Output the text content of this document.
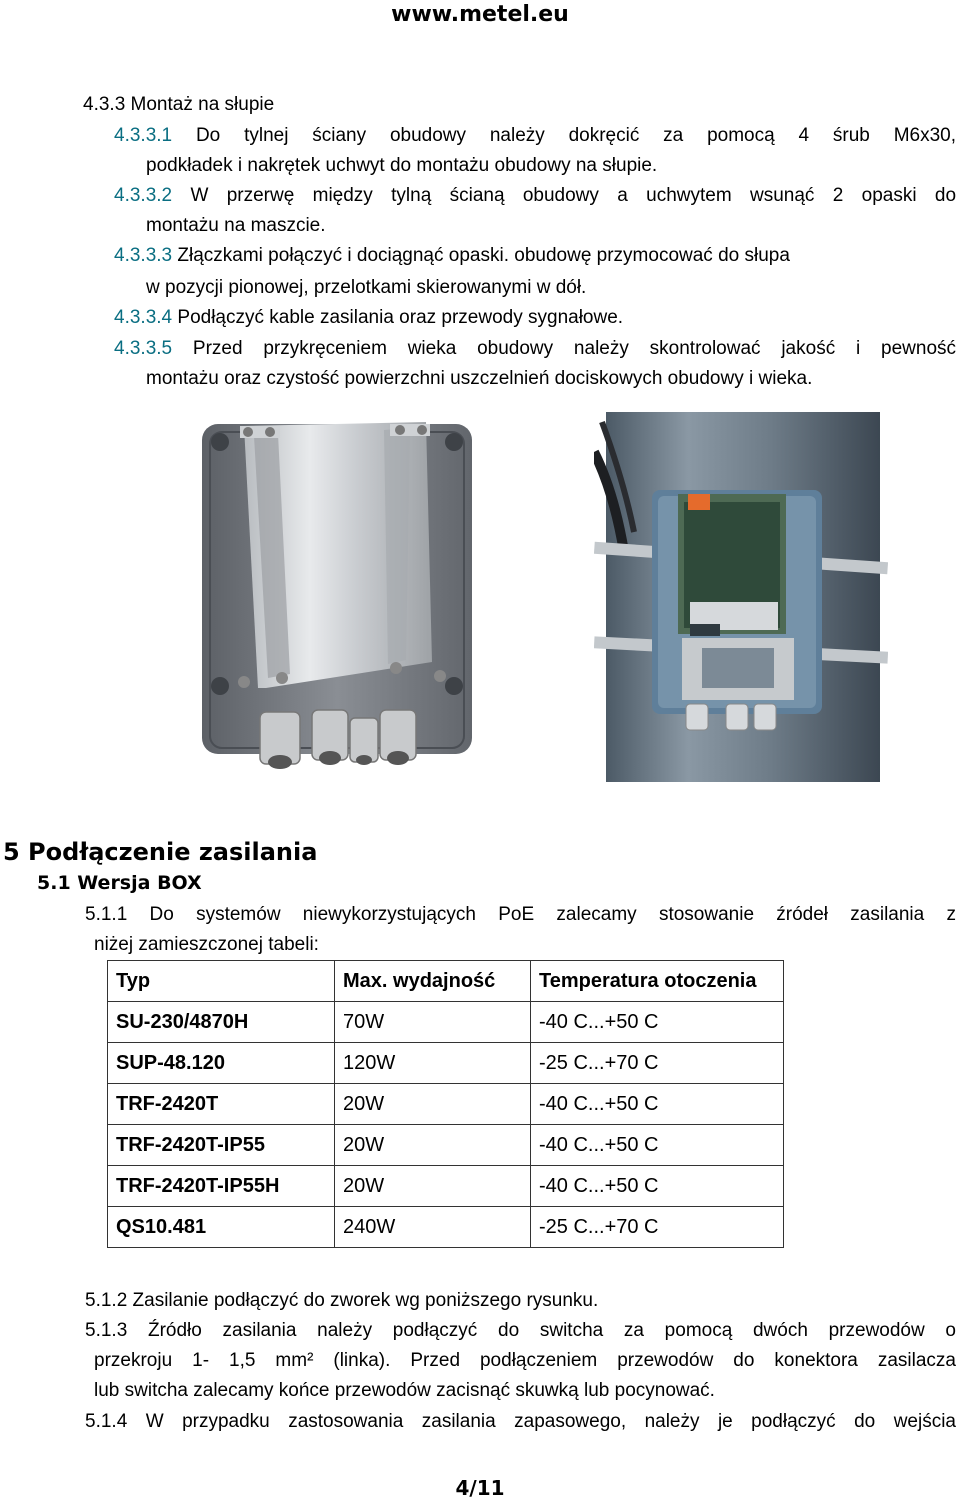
www.metel.eu
4.3.3 Montaż na słupie
4.3.3.1 Do tylnej ściany obudowy należy dokręcić za pomocą 4 śrub M6x30,
podkładek i nakrętek uchwyt do montażu obudowy na słupie.
4.3.3.2 W przerwę między tylną ścianą obudowy a uchwytem wsunąć 2 opaski do
montażu na maszcie.
4.3.3.3 Złączkami połączyć i dociągnąć opaski. obudowę przymocować do słupa
w pozycji pionowej, przelotkami skierowanymi w dół.
4.3.3.4 Podłączyć kable zasilania oraz przewody sygnałowe.
4.3.3.5 Przed przykręceniem wieka obudowy należy skontrolować jakość i pewność
montażu oraz czystość powierzchni uszczelnień dociskowych obudowy i wieka.
5 Podłączenie zasilania
5.1 Wersja BOX
5.1.1 Do systemów niewykorzystujących PoE zalecamy stosowanie źródeł zasilania z
niżej zamieszczonej tabeli:
Typ	Max. wydajność	Temperatura otoczenia
SU-230/4870H	70W	-40 C...+50 C
SUP-48.120	120W	-25 C...+70 C
TRF-2420T	20W	-40 C...+50 C
TRF-2420T-IP55	20W	-40 C...+50 C
TRF-2420T-IP55H	20W	-40 C...+50 C
QS10.481	240W	-25 C...+70 C
5.1.2 Zasilanie podłączyć do zworek wg poniższego rysunku.
5.1.3 Źródło zasilania należy podłączyć do switcha za pomocą dwóch przewodów o
przekroju 1- 1,5 mm² (linka). Przed podłączeniem przewodów do konektora zasilacza
lub switcha zalecamy końce przewodów zacisnąć skuwką lub pocynować.
5.1.4 W przypadku zastosowania zasilania zapasowego, należy je podłączyć do wejścia
4/11
